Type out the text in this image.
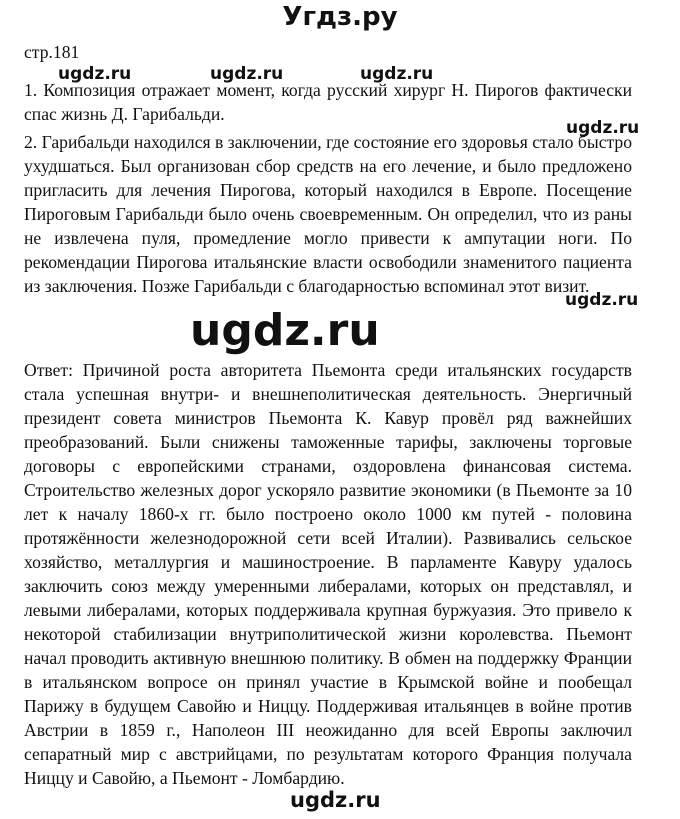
Угдз.ру

стр.181

1. Композиция отражает момент, когда русский хирург Н. Пирогов фактически спас жизнь Д. Гарибальди.

2. Гарибальди находился в заключении, где состояние его здоровья стало быстро ухудшаться. Был организован сбор средств на его лечение, и было предложено пригласить для лечения Пирогова, который находился в Европе. Посещение Пироговым Гарибальди было очень своевременным. Он определил, что из раны не извлечена пуля, промедление могло привести к ампутации ноги. По рекомендации Пирогова итальянские власти освободили знаменитого пациента из заключения. Позже Гарибальди с благодарностью вспоминал этот визит.

Ответ: Причиной роста авторитета Пьемонта среди итальянских государств стала успешная внутри- и внешнеполитическая деятельность. Энергичный президент совета министров Пьемонта К. Кавур провёл ряд важнейших преобразований. Были снижены таможенные тарифы, заключены торговые договоры с европейскими странами, оздоровлена финансовая система. Строительство железных дорог ускоряло развитие экономики (в Пьемонте за 10 лет к началу 1860-х гг. было построено около 1000 км путей - половина протяжённости железнодорожной сети всей Италии). Развивались сельское хозяйство, металлургия и машиностроение. В парламенте Кавуру удалось заключить союз между умеренными либералами, которых он представлял, и левыми либералами, которых поддерживала крупная буржуазия. Это привело к некоторой стабилизации внутриполитической жизни королевства. Пьемонт начал проводить активную внешнюю политику. В обмен на поддержку Франции в итальянском вопросе он принял участие в Крымской войне и пообещал Парижу в будущем Савойю и Ниццу. Поддерживая итальянцев в войне против Австрии в 1859 г., Наполеон III неожиданно для всей Европы заключил сепаратный мир с австрийцами, по результатам которого Франция получала Ниццу и Савойю, а Пьемонт - Ломбардию.

ugdz.ru	ugdz.ru	ugdz.ru
ugdz.ru
ugdz.ru
ugdz.ru
ugdz.ru
